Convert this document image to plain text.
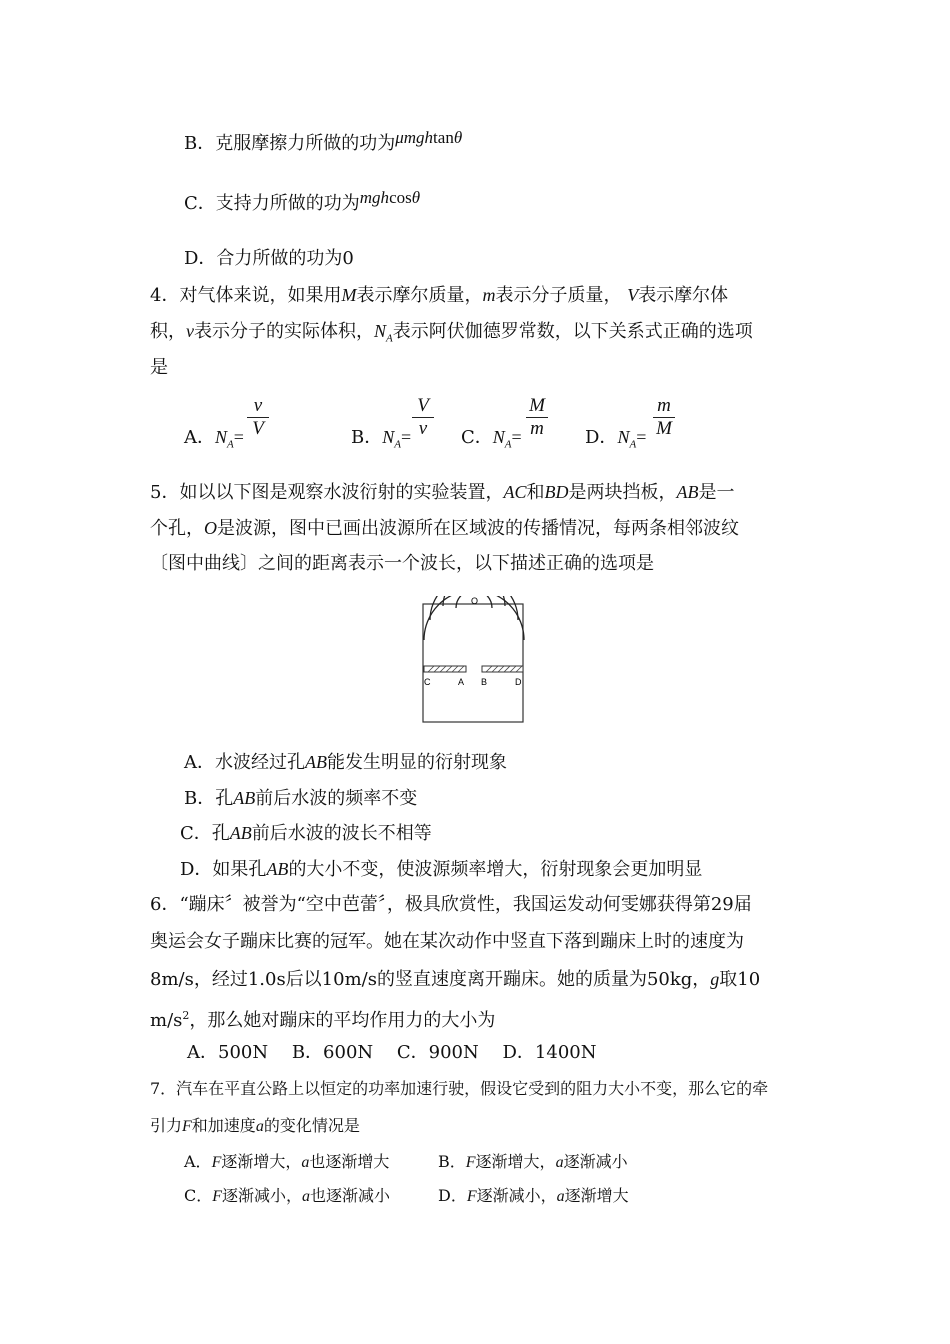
B．克服摩擦力所做的功为μmghtanθ
C．支持力所做的功为mghcosθ
D．合力所做的功为0
4．对气体来说，如果用M表示摩尔质量，m表示分子质量， V表示摩尔体
积，v表示分子的实际体积，$N_A$表示阿伏伽德罗常数，以下关系式正确的选项
是
A．$N_A=$
v
V	B．$N_A=$
V
v	C．$N_A=$
M
m D．$N_A=$
m
M
5．如以以下图是观察水波衍射的实验装置，AC和BD是两块挡板，AB是一
个孔，O是波源，图中已画出波源所在区域波的传播情况，每两条相邻波纹
〔图中曲线〕之间的距离表示一个波长，以下描述正确的选项是
O
C	A B	D
A．水波经过孔AB能发生明显的衍射现象
B．孔AB前后水波的频率不变
C．孔AB前后水波的波长不相等
D．如果孔AB的大小不变，使波源频率增大，衍射现象会更加明显
6．“蹦床〞被誉为“空中芭蕾〞，极具欣赏性，我国运发动何雯娜获得第29届
奥运会女子蹦床比赛的冠军。她在某次动作中竖直下落到蹦床上时的速度为
8m/s，经过1.0s后以10m/s的竖直速度离开蹦床。她的质量为50kg，g取10
$m/s^2$，那么她对蹦床的平均作用力的大小为
A．500N　 B．600N　 C．900N　 D．1400N
7．汽车在平直公路上以恒定的功率加速行驶，假设它受到的阻力大小不变，那么它的牵
引力F和加速度a的变化情况是
A．F逐渐增大，a也逐渐增大	B．F逐渐增大，a逐渐减小
C．F逐渐减小，a也逐渐减小	D．F逐渐减小，a逐渐增大
